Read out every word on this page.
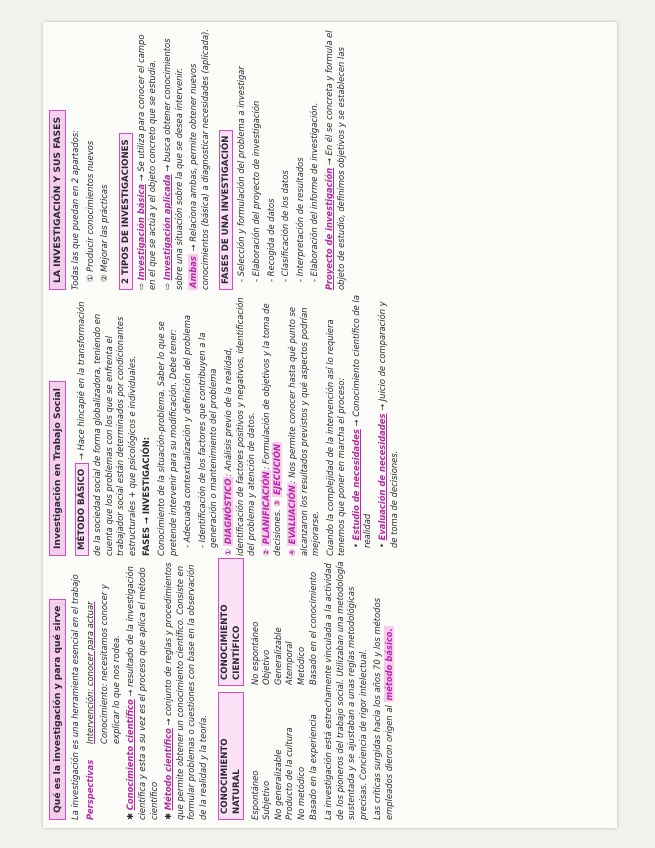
Qué es la investigación y para qué sirve La investigación es una herramienta esencial en el trabajo Perspectivas

Intervención: conocer para actuar Conocimiento: necesitamos conocer y explicar lo que nos rodea.

✱ Conocimiento científico → resultado de la investigación científica y esta a su vez es el proceso que aplica el método científico ✱ Método científico → conjunto de reglas y procedimientos que permite obtener un conocimiento científico. Consiste en formular problemas o cuestiones con base en la observación de la realidad y la teoría.	CONOCIMIENTO NATURAL
CONOCIMIENTO CIENTÍFICO
Espontáneo
No espontáneo
Subjetivo
Objetivo
No generalizable
Generalizable
Producto de la cultura
Atemporal
No metódico
Metódico
Basado en la experiencia
Basado en el conocimiento La investigación está estrechamente vinculada a la actividad de los pioneros del trabajo social. Utilizaban una metodología sustentada y se ajustaban a unas reglas metodológicas precisas. Conciencia de rigor intelectual. Las críticas surgidas hacia los años 70 y los métodos empleados dieron origen al método básico.

Investigación en Trabajo Social	MÉTODO BÁSICO → Hace hincapié en la transformación de la sociedad social de forma globalizadora, teniendo en cuenta que los problemas con los que se enfrenta el trabajador social están determinados por condicionantes estructurales + que psicológicos e individuales. FASES → INVESTIGACIÓN: Conocimiento de la situación-problema. Saber lo que se pretende intervenir para su modificación. Debe tener: - Adecuada contextualización y definición del problema - Identificación de los factores que contribuyen a la generación o mantenimiento del problema

① DIAGNÓSTICO: Análisis previo de la realidad, identificación de factores positivos y negativos, identificación del problema y atención de datos. ② PLANIFICACIÓN: Formulación de objetivos y la toma de decisiones. ③ EJECUCIÓN

④ EVALUACIÓN: Nos permite conocer hasta qué punto se alcanzaron los resultados previstos y qué aspectos podrían mejorarse. Cuando la complejidad de la intervención así lo requiera tenemos que poner en marcha el proceso: • Estudio de necesidades → Conocimiento científico de la realidad • Evaluación de necesidades → Juicio de comparación y de toma de decisiones.

LA INVESTIGACIÓN Y SUS FASES Todas las que puedan en 2 apartados: ① Producir conocimientos nuevos ② Mejorar las prácticas 2 TIPOS DE INVESTIGACIONES

⇨ Investigación básica → Se utiliza para conocer el campo en el que se actúa y el objeto concreto que se estudia. ⇨ Investigación aplicada → busca obtener conocimientos sobre una situación sobre la que se desea intervenir. Ambas → Relaciona ambas, permite obtener nuevos conocimientos (básica) a diagnosticar necesidades (aplicada). FASES DE UNA INVESTIGACIÓN - Selección y formulación del problema a investigar - Elaboración del proyecto de investigación - Recogida de datos - Clasificación de los datos - Interpretación de resultados - Elaboración del informe de investigación. Proyecto de investigación → En él se concreta y formula el objeto de estudio, definimos objetivos y se establecen las
